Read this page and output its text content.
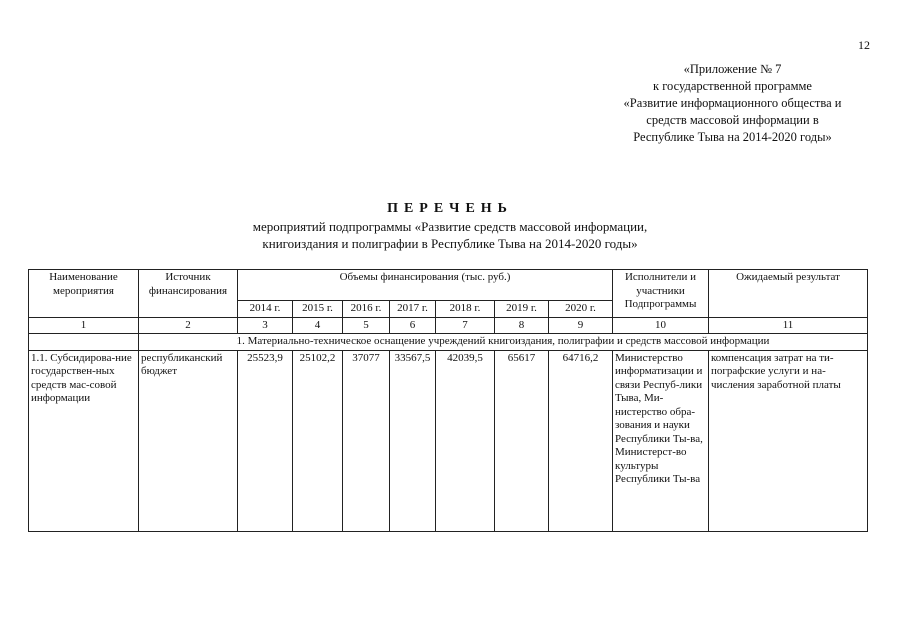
12
«Приложение № 7
к государственной программе
«Развитие информационного общества и
средств массовой информации в
Республике Тыва на 2014-2020 годы»
ПЕРЕЧЕНЬ
мероприятий подпрограммы «Развитие средств массовой информации,
книгоиздания и полиграфии в Республике Тыва на 2014-2020 годы»
Наименование мероприятия	Источник финансирования	Объемы финансирования (тыс. руб.)							Исполнители и участники Подпрограммы	Ожидаемый результат
		2014 г.	2015 г.	2016 г.	2017 г.	2018 г.	2019 г.	2020 г.		
1	2	3	4	5	6	7	8	9	10	11
	1. Материально-техническое оснащение учреждений книгоиздания, полиграфии и средств массовой информации									
1.1. Субсидирова-ние государствен-ных средств мас-совой информации	республиканский бюджет	25523,9	25102,2	37077	33567,5	42039,5	65617	64716,2	Министерство информатизации и связи Респуб-лики Тыва, Ми-нистерство обра-зования и науки Республики Ты-ва, Министерст-во культуры Республики Ты-ва	компенсация затрат на ти-пографские услуги и на-числения заработной платы
